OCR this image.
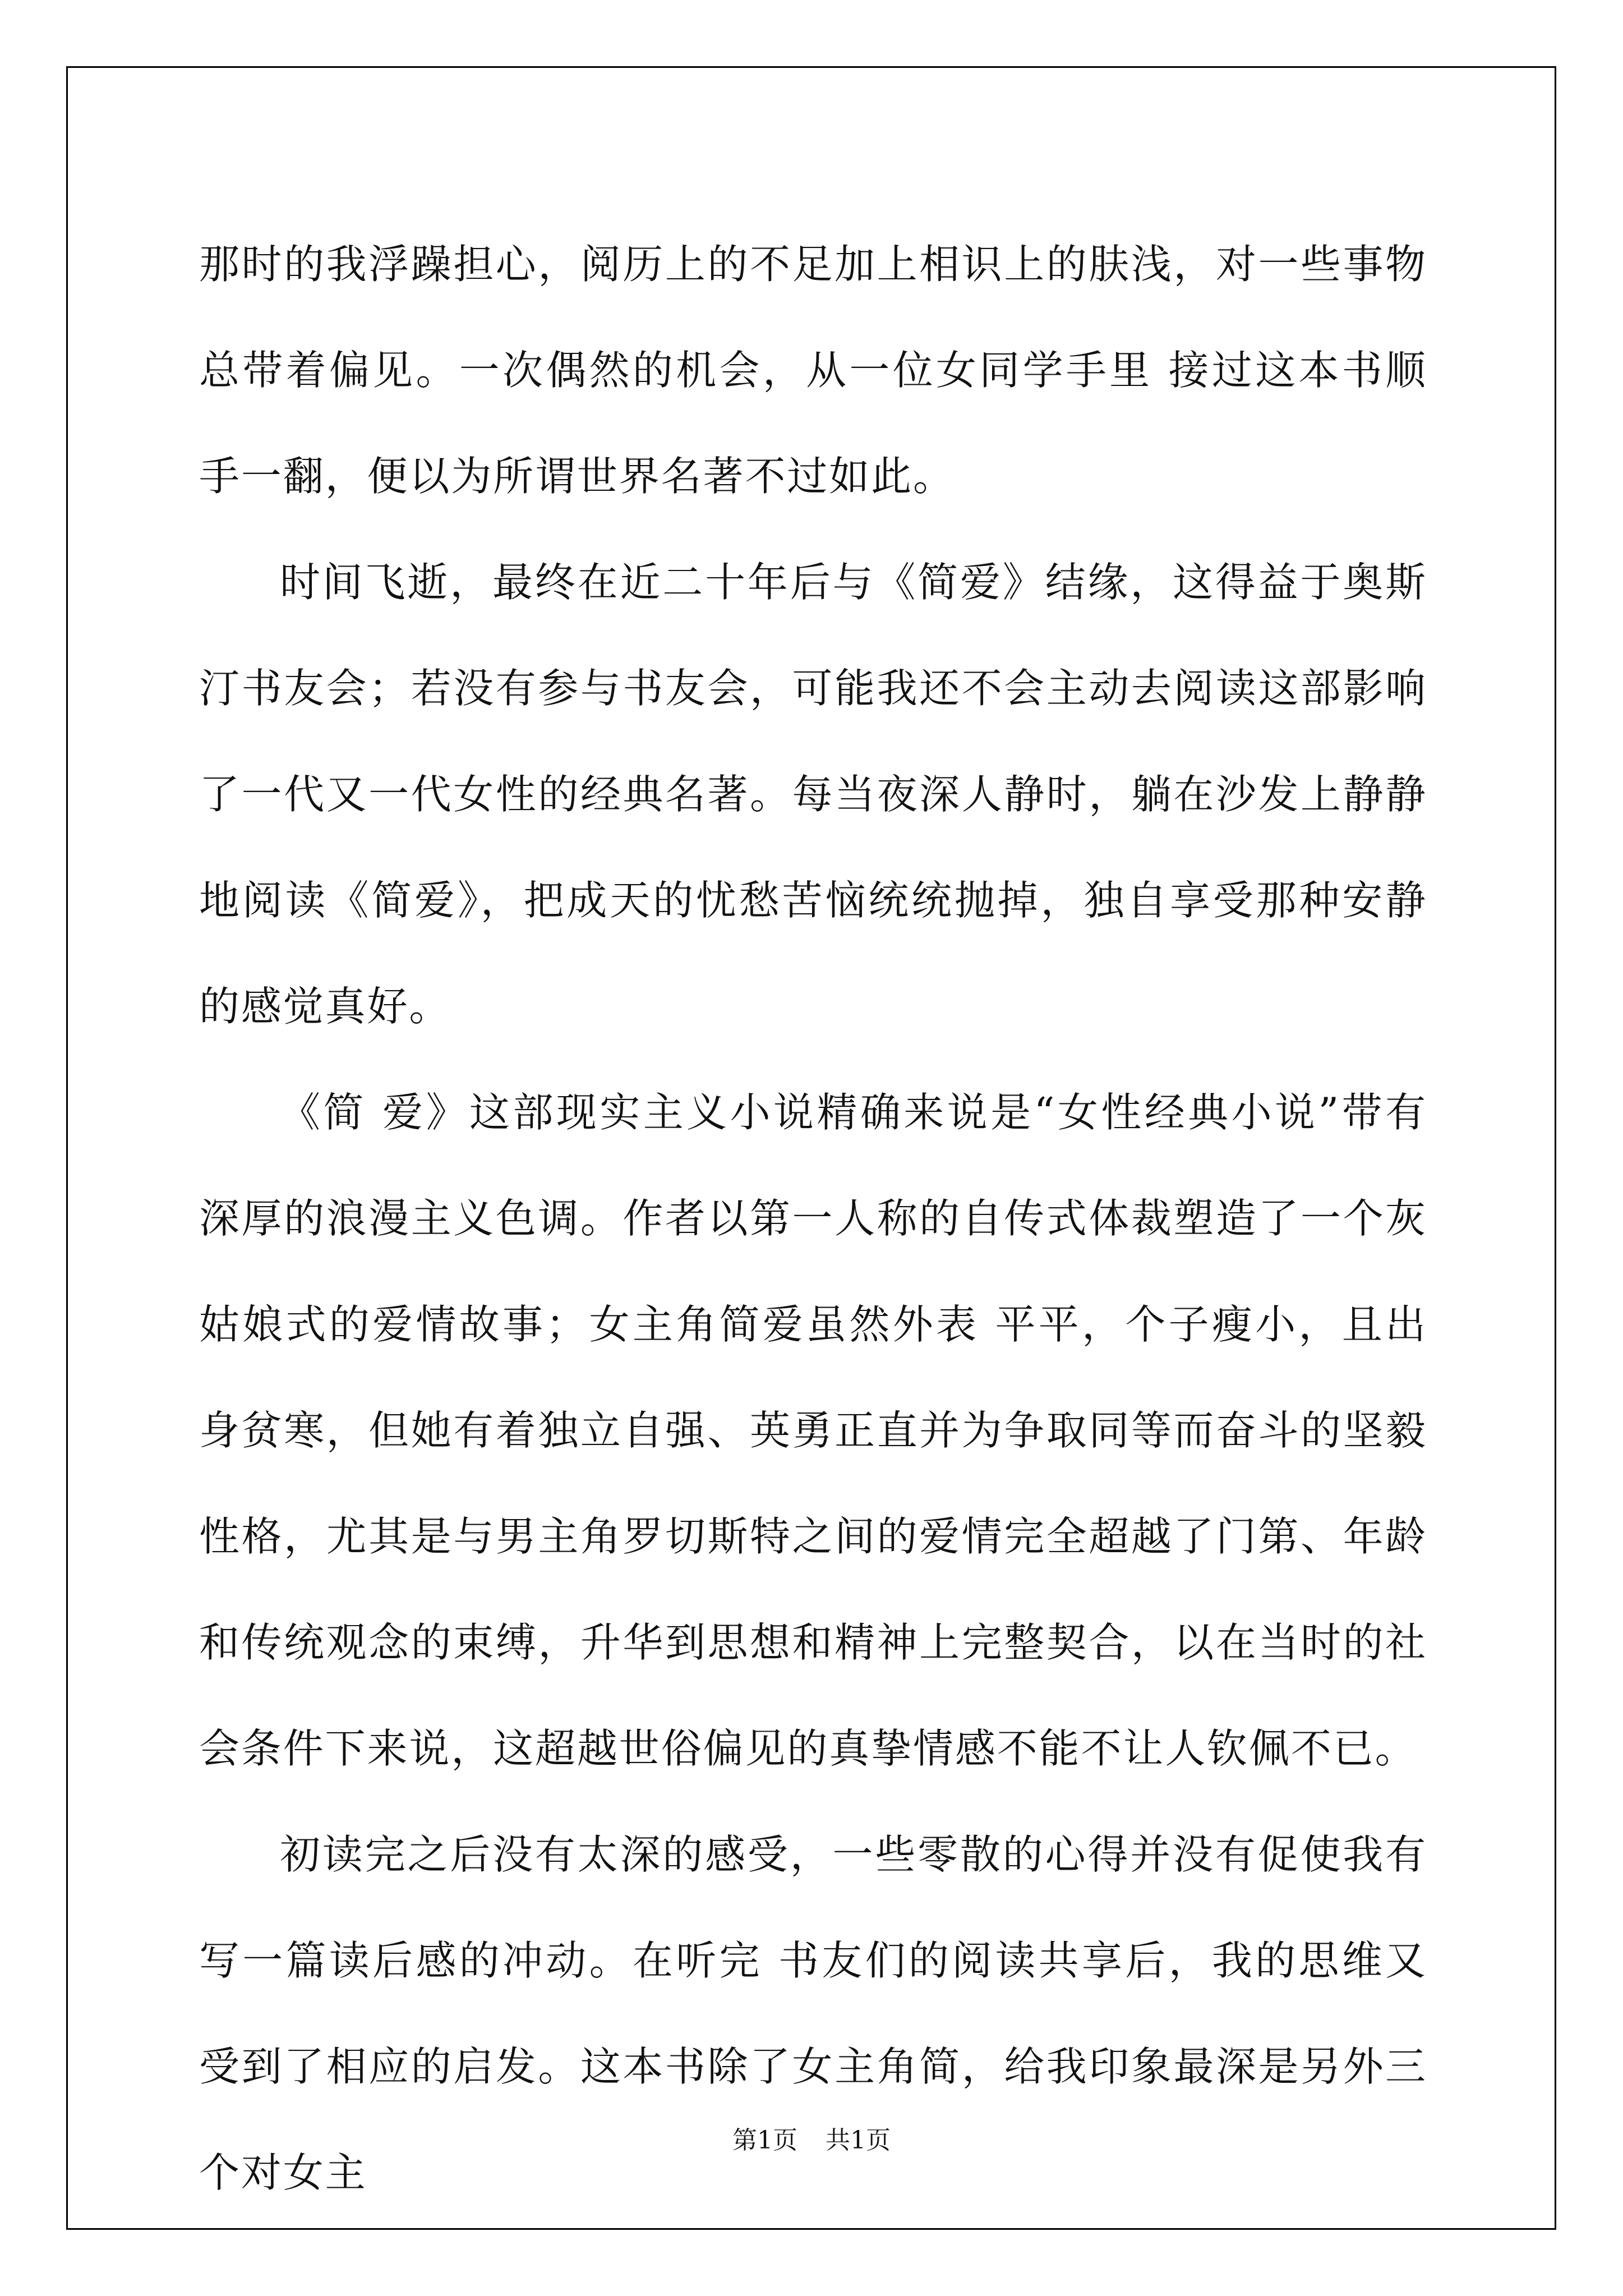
那时的我浮躁担心，阅历上的不足加上相识上的肤浅，对一些事物总带着偏见。一次偶然的机会，从一位女同学手里 接过这本书顺手一翻，便以为所谓世界名著不过如此。

时间飞逝，最终在近二十年后与《简爱》结缘，这得益于奥斯汀书友会；若没有参与书友会，可能我还不会主动去阅读这部影响了一代又一代女性的经典名著。每当夜深人静时，躺在沙发上静静地阅读《简爱》，把成天的忧愁苦恼统统抛掉，独自享受那种安静的感觉真好。

《简 爱》这部现实主义小说精确来说是“女性经典小说”带有深厚的浪漫主义色调。作者以第一人称的自传式体裁塑造了一个灰姑娘式的爱情故事；女主角简爱虽然外表 平平，个子瘦小，且出身贫寒，但她有着独立自强、英勇正直并为争取同等而奋斗的坚毅性格，尤其是与男主角罗切斯特之间的爱情完全超越了门第、年龄和传统观念的束缚，升华到思想和精神上完整契合，以在当时的社会条件下来说，这超越世俗偏见的真挚情感不能不让人钦佩不已。

初读完之后没有太深的感受，一些零散的心得并没有促使我有写一篇读后感的冲动。在听完 书友们的阅读共享后，我的思维又受到了相应的启发。这本书除了女主角简，给我印象最深是另外三个对女主

第1页 共1页
